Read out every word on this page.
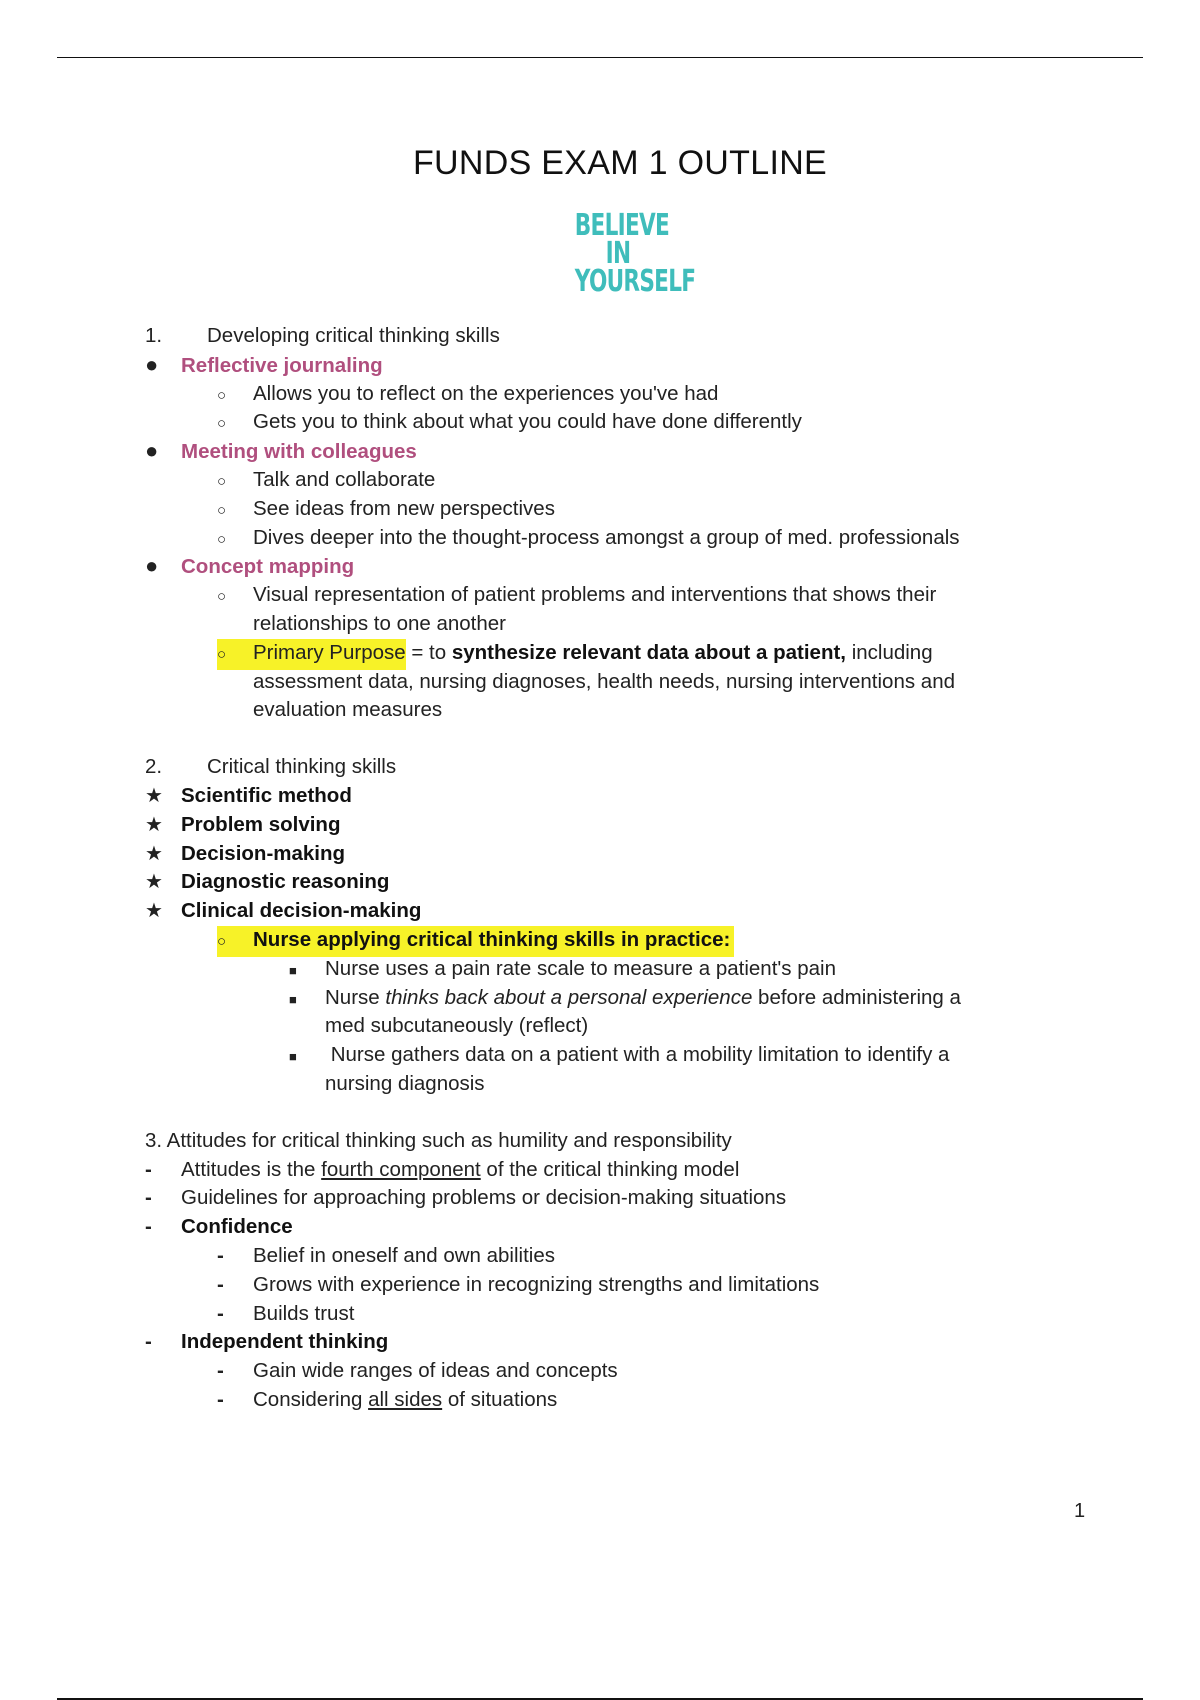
FUNDS EXAM 1 OUTLINE
BELIEVE
IN
YOURSELF
1. Developing critical thinking skills
● Reflective journaling
○ Allows you to reflect on the experiences you've had
○ Gets you to think about what you could have done differently
● Meeting with colleagues
○ Talk and collaborate
○ See ideas from new perspectives
○ Dives deeper into the thought-process amongst a group of med. professionals
● Concept mapping
○ Visual representation of patient problems and interventions that shows their
relationships to one another
○ Primary Purpose = to synthesize relevant data about a patient, including
assessment data, nursing diagnoses, health needs, nursing interventions and
evaluation measures
2. Critical thinking skills
★ Scientific method
★ Problem solving
★ Decision-making
★ Diagnostic reasoning
★ Clinical decision-making
○ Nurse applying critical thinking skills in practice:
■ Nurse uses a pain rate scale to measure a patient's pain
■ Nurse thinks back about a personal experience before administering a
med subcutaneously (reflect)
■ Nurse gathers data on a patient with a mobility limitation to identify a
nursing diagnosis
3. Attitudes for critical thinking such as humility and responsibility
- Attitudes is the fourth component of the critical thinking model
- Guidelines for approaching problems or decision-making situations
- Confidence
- Belief in oneself and own abilities
- Grows with experience in recognizing strengths and limitations
- Builds trust
- Independent thinking
- Gain wide ranges of ideas and concepts
- Considering all sides of situations
1
